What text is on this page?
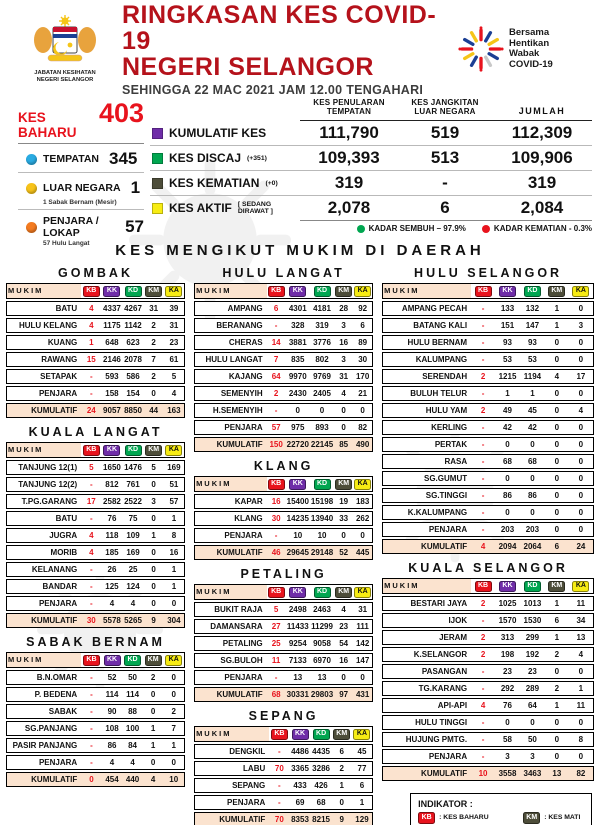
JABATAN KESIHATAN
NEGERI SELANGOR
RINGKASAN KES COVID-19
NEGERI SELANGOR
SEHINGGA 22 MAC 2021 JAM 12.00 TENGAHARI
Bersama
Hentikan
Wabak
COVID-19
KES BAHARU
403
TEMPATAN 345
LUAR NEGARA 1
1 Sabak Bernam (Mesir)
PENJARA / LOKAP	57
57 Hulu Langat
KES PENULARAN TEMPATAN
KES JANGKITAN LUAR NEGARA	JUMLAH
KUMULATIF KES	111,790	519	112,309
KES DISCAJ (+351)	109,393	513	109,906
KES KEMATIAN (+0)	319	-	319
KES AKTIF [ SEDANG DIRAWAT ]	2,078	6	2,084
KADAR SEMBUH – 97.9%	KADAR KEMATIAN - 0.3%
KES MENGIKUT MUKIM DI DAERAH
GOMBAK
MUKIM	KB	KK	KD	KM	KA
BATU	4	4337	4267	31	39
HULU KELANG	4	1175	1142	2	31
KUANG	1	648	623	2	23
RAWANG	15	2146	2078	7	61
SETAPAK	-	593	586	2	5
PENJARA	-	158	154	0	4
KUMULATIF	24	9057	8850	44	163
KUALA LANGAT
MUKIM	KB	KK	KD	KM	KA
TANJUNG 12(1)	5	1650	1476	5	169
TANJUNG 12(2)	-	812	761	0	51
T.PG.GARANG	17	2582	2522	3	57
BATU	-	76	75	0	1
JUGRA	4	118	109	1	8
MORIB	4	185	169	0	16
KELANANG	-	26	25	0	1
BANDAR	-	125	124	0	1
PENJARA	-	4	4	0	0
KUMULATIF	30	5578	5265	9	304
SABAK BERNAM
MUKIM	KB	KK	KD	KM	KA
B.N.OMAR	-	52	50	2	0
P. BEDENA	-	114	114	0	0
SABAK	-	90	88	0	2
SG.PANJANG	-	108	100	1	7
PASIR PANJANG	-	86	84	1	1
PENJARA	-	4	4	0	0
KUMULATIF	0	454	440	4	10
HULU LANGAT
MUKIM	KB	KK	KD	KM	KA
AMPANG	6	4301	4181	28	92
BERANANG	-	328	319	3	6
CHERAS	14	3881	3776	16	89
HULU LANGAT	7	835	802	3	30
KAJANG	64	9970	9769	31	170
SEMENYIH	2	2430	2405	4	21
H.SEMENYIH	-	0	0	0	0
PENJARA	57	975	893	0	82
KUMULATIF	150	22720	22145	85	490
KLANG
MUKIM	KB	KK	KD	KM	KA
KAPAR	16	15400	15198	19	183
KLANG	30	14235	13940	33	262
PENJARA	-	10	10	0	0
KUMULATIF	46	29645	29148	52	445
PETALING
MUKIM	KB	KK	KD	KM	KA
BUKIT RAJA	5	2498	2463	4	31
DAMANSARA	27	11433	11299	23	111
PETALING	25	9254	9058	54	142
SG.BULOH	11	7133	6970	16	147
PENJARA	-	13	13	0	0
KUMULATIF	68	30331	29803	97	431
SEPANG
MUKIM	KB	KK	KD	KM	KA
DENGKIL	-	4486	4435	6	45
LABU	70	3365	3286	2	77
SEPANG	-	433	426	1	6
PENJARA	-	69	68	0	1
KUMULATIF	70	8353	8215	9	129
HULU SELANGOR
MUKIM	KB	KK	KD	KM	KA
AMPANG PECAH	-	133	132	1	0
BATANG KALI	-	151	147	1	3
HULU BERNAM	-	93	93	0	0
KALUMPANG	-	53	53	0	0
SERENDAH	2	1215	1194	4	17
BULUH TELUR	-	1	1	0	0
HULU YAM	2	49	45	0	4
KERLING	-	42	42	0	0
PERTAK	-	0	0	0	0
RASA	-	68	68	0	0
SG.GUMUT	-	0	0	0	0
SG.TINGGI	-	86	86	0	0
K.KALUMPANG	-	0	0	0	0
PENJARA	-	203	203	0	0
KUMULATIF	4	2094	2064	6	24
KUALA SELANGOR
MUKIM	KB	KK	KD	KM	KA
BESTARI JAYA	2	1025	1013	1	11
IJOK	-	1570	1530	6	34
JERAM	2	313	299	1	13
K.SELANGOR	2	198	192	2	4
PASANGAN	-	23	23	0	0
TG.KARANG	-	292	289	2	1
API-API	4	76	64	1	11
HULU TINGGI	-	0	0	0	0
HUJUNG PMTG.	-	58	50	0	8
PENJARA	-	3	3	0	0
KUMULATIF	10	3558	3463	13	82
INDIKATOR :
KB	: KES BAHARU	KM	: KES MATI
